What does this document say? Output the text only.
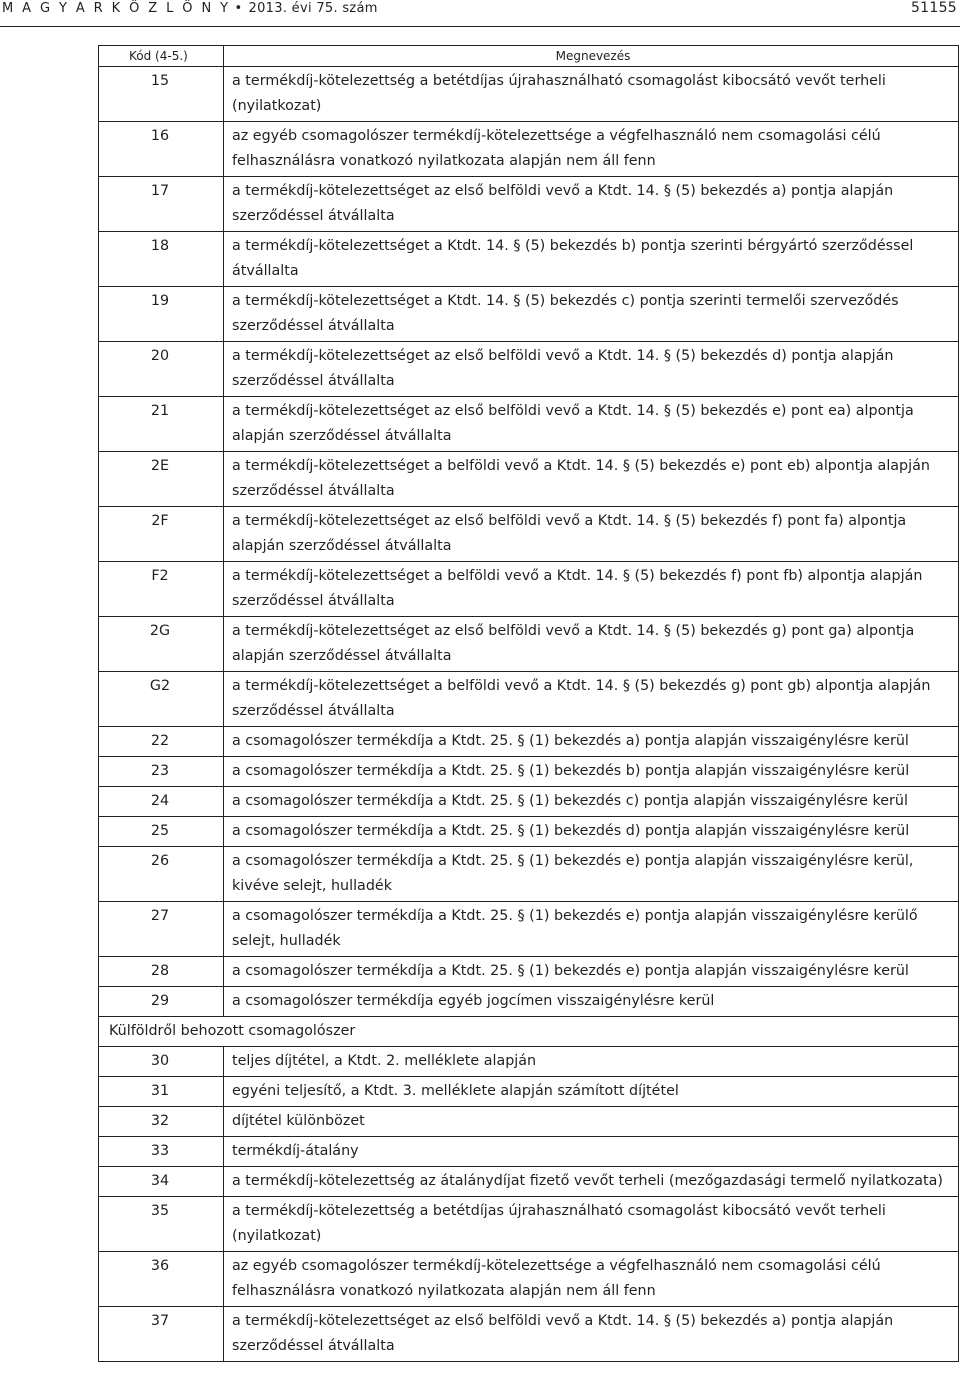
M A G Y A R K Ö Z L Ö N Y • 2013. évi 75. szám	51155
Kód (4-5.)	Megnevezés
15	a termékdíj-kötelezettség a betétdíjas újrahasználható csomagolást kibocsátó vevőt terheli (nyilatkozat)
16	az egyéb csomagolószer termékdíj-kötelezettsége a végfelhasználó nem csomagolási célú felhasználásra vonatkozó nyilatkozata alapján nem áll fenn
17	a termékdíj-kötelezettséget az első belföldi vevő a Ktdt. 14. § (5) bekezdés a) pontja alapján szerződéssel átvállalta
18	a termékdíj-kötelezettséget a Ktdt. 14. § (5) bekezdés b) pontja szerinti bérgyártó szerződéssel átvállalta
19	a termékdíj-kötelezettséget a Ktdt. 14. § (5) bekezdés c) pontja szerinti termelői szerveződés szerződéssel átvállalta
20	a termékdíj-kötelezettséget az első belföldi vevő a Ktdt. 14. § (5) bekezdés d) pontja alapján szerződéssel átvállalta
21	a termékdíj-kötelezettséget az első belföldi vevő a Ktdt. 14. § (5) bekezdés e) pont ea) alpontja alapján szerződéssel átvállalta
2E	a termékdíj-kötelezettséget a belföldi vevő a Ktdt. 14. § (5) bekezdés e) pont eb) alpontja alapján szerződéssel átvállalta
2F	a termékdíj-kötelezettséget az első belföldi vevő a Ktdt. 14. § (5) bekezdés f) pont fa) alpontja alapján szerződéssel átvállalta
F2	a termékdíj-kötelezettséget a belföldi vevő a Ktdt. 14. § (5) bekezdés f) pont fb) alpontja alapján szerződéssel átvállalta
2G	a termékdíj-kötelezettséget az első belföldi vevő a Ktdt. 14. § (5) bekezdés g) pont ga) alpontja alapján szerződéssel átvállalta
G2	a termékdíj-kötelezettséget a belföldi vevő a Ktdt. 14. § (5) bekezdés g) pont gb) alpontja alapján szerződéssel átvállalta
22	a csomagolószer termékdíja a Ktdt. 25. § (1) bekezdés a) pontja alapján visszaigénylésre kerül
23	a csomagolószer termékdíja a Ktdt. 25. § (1) bekezdés b) pontja alapján visszaigénylésre kerül
24	a csomagolószer termékdíja a Ktdt. 25. § (1) bekezdés c) pontja alapján visszaigénylésre kerül
25	a csomagolószer termékdíja a Ktdt. 25. § (1) bekezdés d) pontja alapján visszaigénylésre kerül
26	a csomagolószer termékdíja a Ktdt. 25. § (1) bekezdés e) pontja alapján visszaigénylésre kerül, kivéve selejt, hulladék
27	a csomagolószer termékdíja a Ktdt. 25. § (1) bekezdés e) pontja alapján visszaigénylésre kerülő selejt, hulladék
28	a csomagolószer termékdíja a Ktdt. 25. § (1) bekezdés e) pontja alapján visszaigénylésre kerül
29	a csomagolószer termékdíja egyéb jogcímen visszaigénylésre kerül
Külföldről behozott csomagolószer	
30	teljes díjtétel, a Ktdt. 2. melléklete alapján
31	egyéni teljesítő, a Ktdt. 3. melléklete alapján számított díjtétel
32	díjtétel különbözet
33	termékdíj-átalány
34	a termékdíj-kötelezettség az átalánydíjat fizető vevőt terheli (mezőgazdasági termelő nyilatkozata)
35	a termékdíj-kötelezettség a betétdíjas újrahasználható csomagolást kibocsátó vevőt terheli (nyilatkozat)
36	az egyéb csomagolószer termékdíj-kötelezettsége a végfelhasználó nem csomagolási célú felhasználásra vonatkozó nyilatkozata alapján nem áll fenn
37	a termékdíj-kötelezettséget az első belföldi vevő a Ktdt. 14. § (5) bekezdés a) pontja alapján szerződéssel átvállalta
